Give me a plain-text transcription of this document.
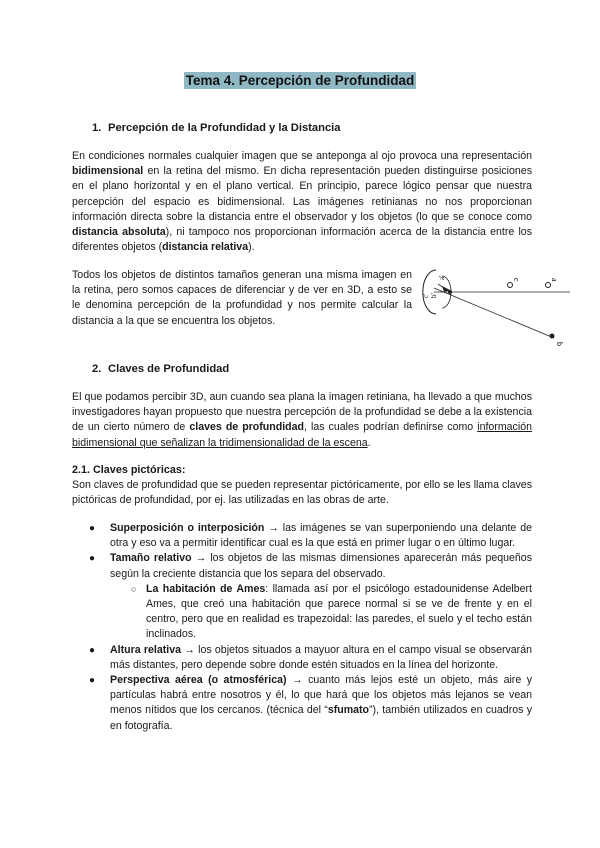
Tema 4. Percepción de Profundidad
1. Percepción de la Profundidad y la Distancia
En condiciones normales cualquier imagen que se anteponga al ojo provoca una representación bidimensional en la retina del mismo. En dicha representación pueden distinguirse posiciones en el plano horizontal y en el plano vertical. En principio, parece lógico pensar que nuestra percepción del espacio es bidimensional. Las imágenes retinianas no nos proporcionan información directa sobre la distancia entre el observador y los objetos (lo que se conoce como distancia absoluta), ni tampoco nos proporcionan información acerca de la distancia entre los diferentes objetos (distancia relativa).
Todos los objetos de distintos tamaños generan una misma imagen en la retina, pero somos capaces de diferenciar y de ver en 3D, a esto se le denomina percepción de la profundidad y nos permite calcular la distancia a la que se encuentra los objetos.
c' b'
a'	c	a
b
2. Claves de Profundidad
El que podamos percibir 3D, aun cuando sea plana la imagen retiniana, ha llevado a que muchos investigadores hayan propuesto que nuestra percepción de la profundidad se debe a la existencia de un cierto número de claves de profundidad, las cuales podrían definirse como información bidimensional que señalizan la tridimensionalidad de la escena.
2.1. Claves pictóricas:
Son claves de profundidad que se pueden representar pictóricamente, por ello se les llama claves pictóricas de profundidad, por ej. las utilizadas en las obras de arte.
● Superposición o interposición → las imágenes se van superponiendo una delante de otra y eso va a permitir identificar cual es la que está en primer lugar o en último lugar.
● Tamaño relativo → los objetos de las mismas dimensiones aparecerán más pequeños según la creciente distancia que los separa del observado.
○ La habitación de Ames: llamada así por el psicólogo estadounidense Adelbert Ames, que creó una habitación que parece normal si se ve de frente y en el centro, pero que en realidad es trapezoidal: las paredes, el suelo y el techo están inclinados.
● Altura relativa → los objetos situados a mayuor altura en el campo visual se observarán más distantes, pero depende sobre donde estén situados en la línea del horizonte.
● Perspectiva aérea (o atmosférica) → cuanto más lejos esté un objeto, más aire y partículas habrá entre nosotros y él, lo que hará que los objetos más lejanos se vean menos nítidos que los cercanos. (técnica del “sfumato”), también utilizados en cuadros y en fotografía.
